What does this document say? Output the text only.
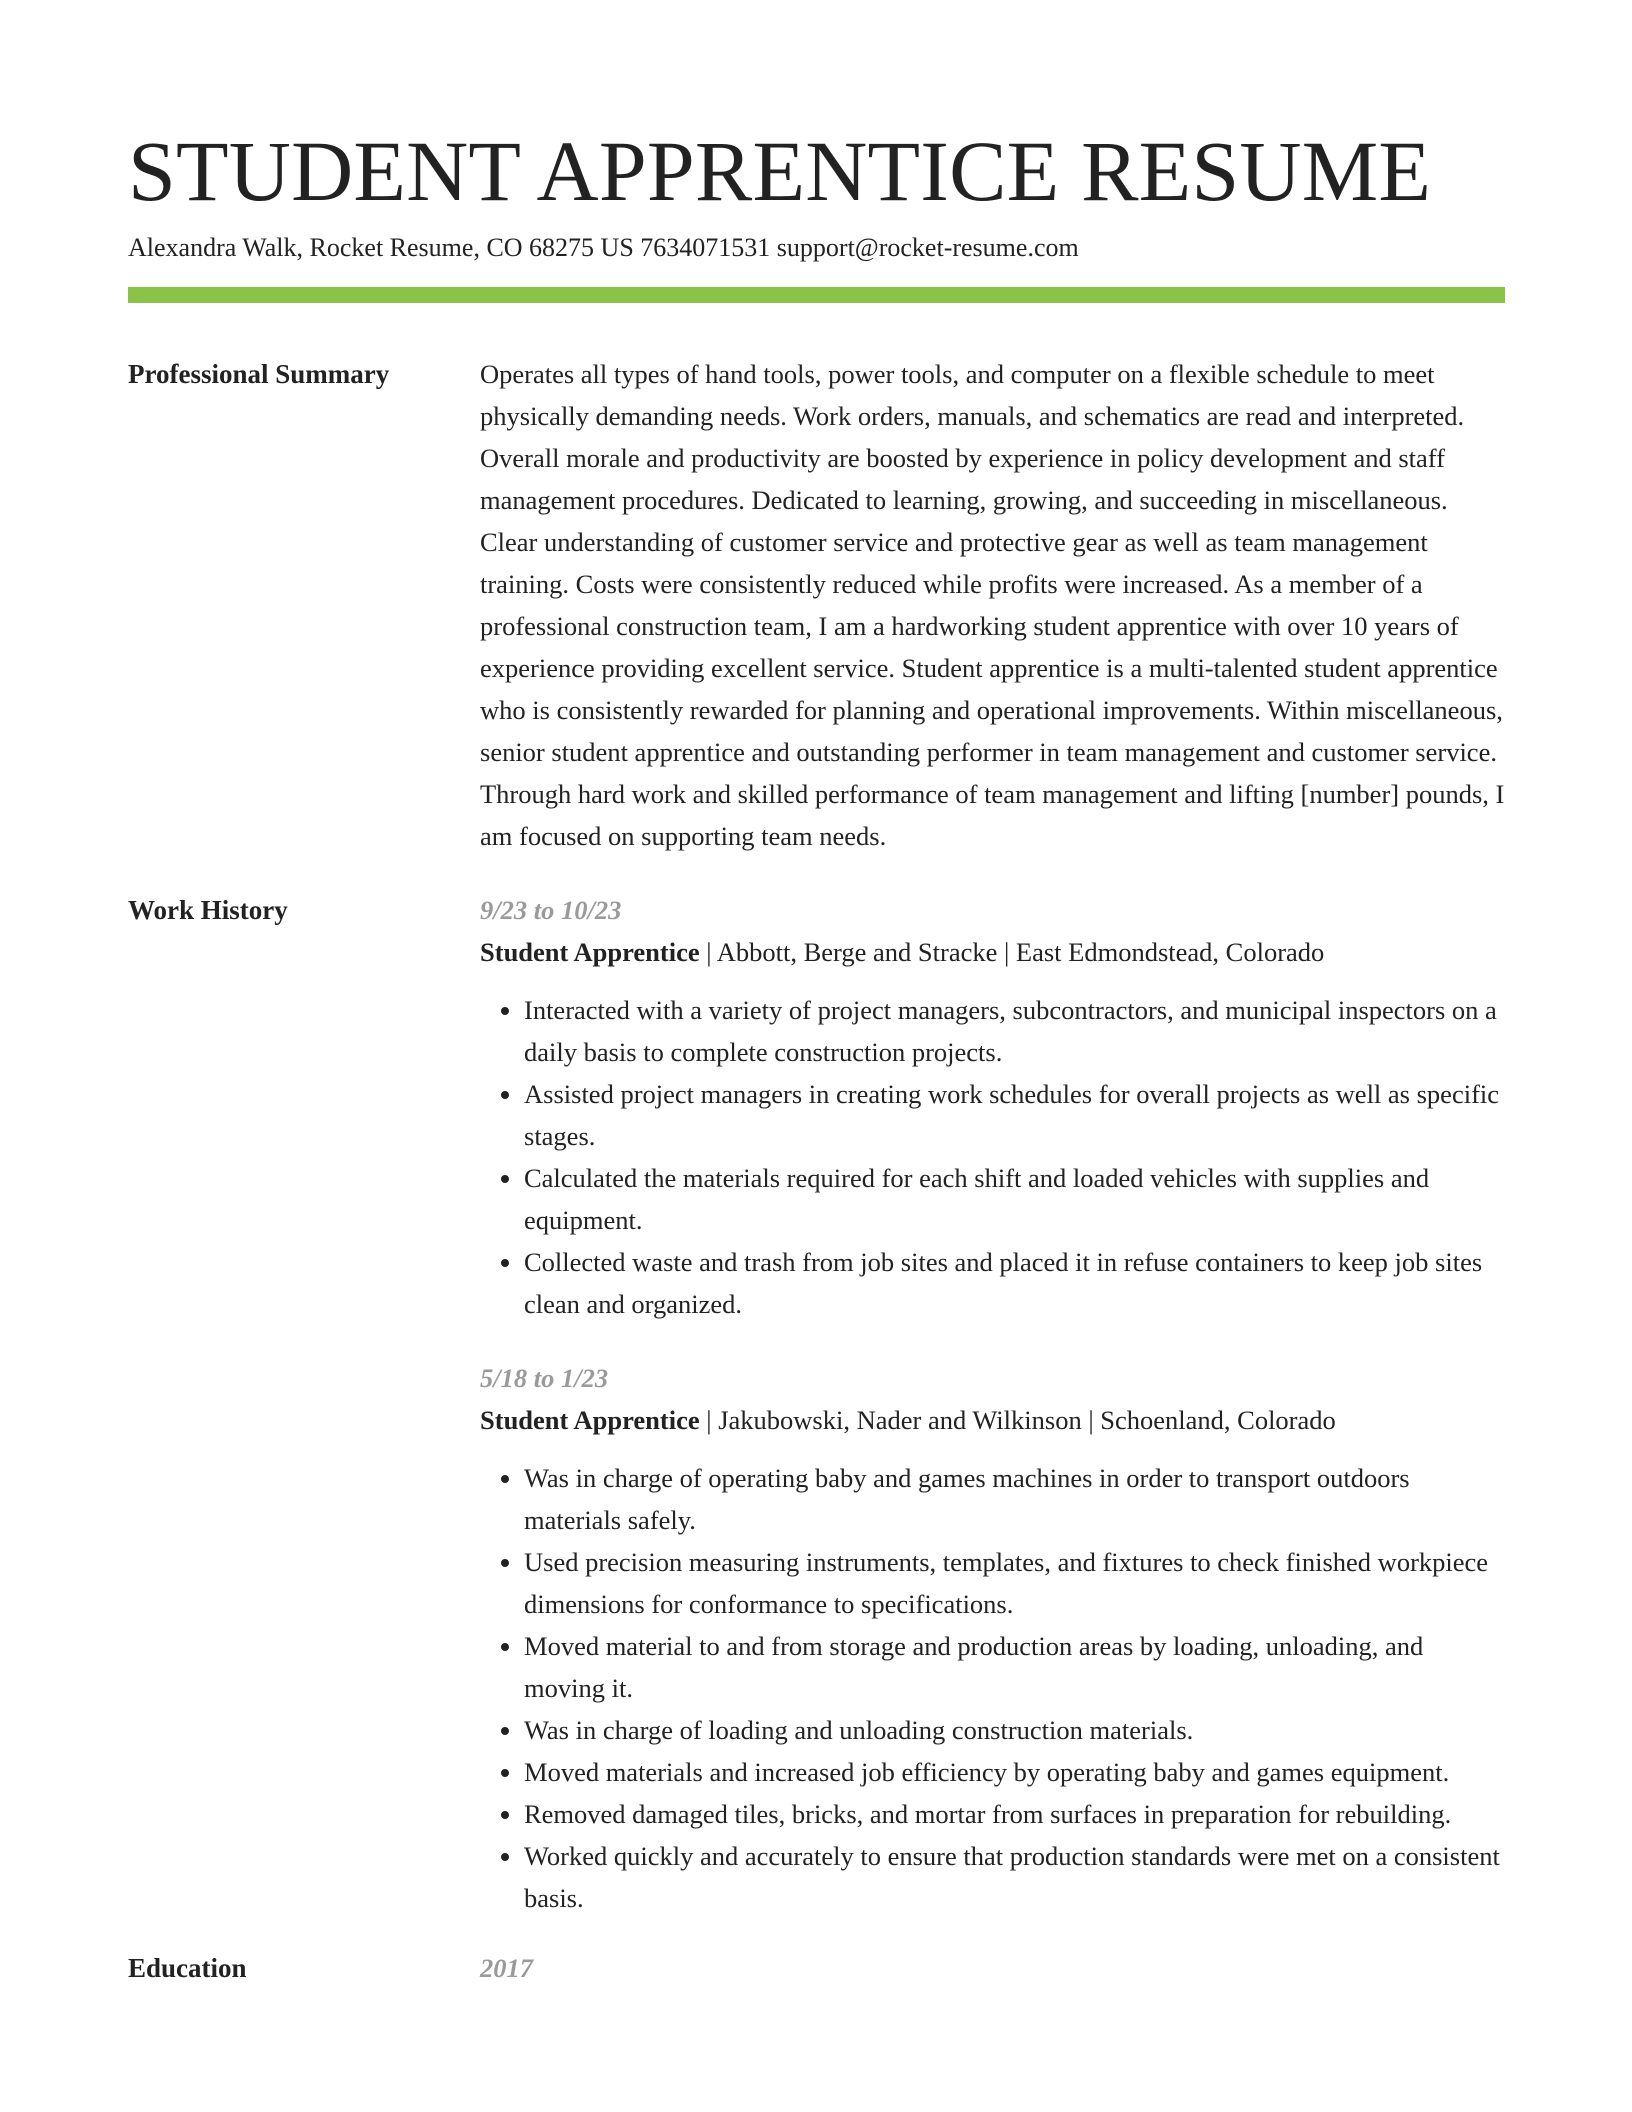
STUDENT APPRENTICE RESUME
Alexandra Walk, Rocket Resume, CO 68275 US 7634071531 support@rocket-resume.com
Professional Summary	Operates all types of hand tools, power tools, and computer on a flexible schedule to meet physically demanding needs. Work orders, manuals, and schematics are read and interpreted. Overall morale and productivity are boosted by experience in policy development and staff management procedures. Dedicated to learning, growing, and succeeding in miscellaneous. Clear understanding of customer service and protective gear as well as team management training. Costs were consistently reduced while profits were increased. As a member of a professional construction team, I am a hardworking student apprentice with over 10 years of experience providing excellent service. Student apprentice is a multi-talented student apprentice who is consistently rewarded for planning and operational improvements. Within miscellaneous, senior student apprentice and outstanding performer in team management and customer service. Through hard work and skilled performance of team management and lifting [number] pounds, I am focused on supporting team needs.

Work History	9/23 to 10/23
Student Apprentice | Abbott, Berge and Stracke | East Edmondstead, Colorado
• Interacted with a variety of project managers, subcontractors, and municipal inspectors on a daily basis to complete construction projects.
• Assisted project managers in creating work schedules for overall projects as well as specific stages.
• Calculated the materials required for each shift and loaded vehicles with supplies and equipment.
• Collected waste and trash from job sites and placed it in refuse containers to keep job sites clean and organized.
5/18 to 1/23
Student Apprentice | Jakubowski, Nader and Wilkinson | Schoenland, Colorado
• Was in charge of operating baby and games machines in order to transport outdoors materials safely.
• Used precision measuring instruments, templates, and fixtures to check finished workpiece dimensions for conformance to specifications.
• Moved material to and from storage and production areas by loading, unloading, and moving it.
• Was in charge of loading and unloading construction materials.
• Moved materials and increased job efficiency by operating baby and games equipment.
• Removed damaged tiles, bricks, and mortar from surfaces in preparation for rebuilding.
• Worked quickly and accurately to ensure that production standards were met on a consistent basis.
Education	2017
